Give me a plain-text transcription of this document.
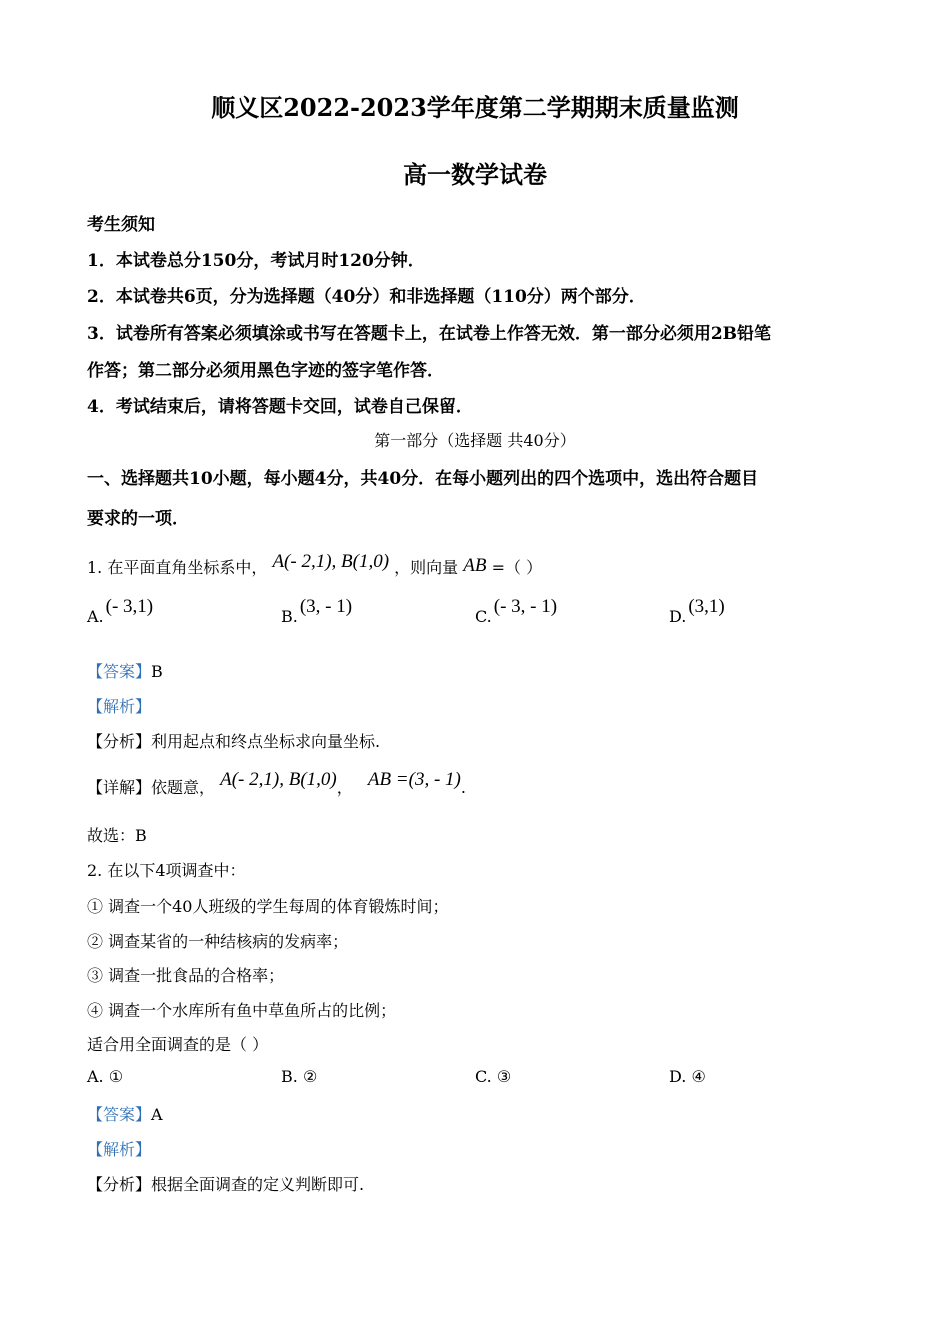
顺义区2022-2023学年度第二学期期末质量监测
高一数学试卷
考生须知
1．本试卷总分150分，考试月时120分钟．
2．本试卷共6页，分为选择题（40分）和非选择题（110分）两个部分．
3．试卷所有答案必须填涂或书写在答题卡上，在试卷上作答无效．第一部分必须用2B铅笔
作答；第二部分必须用黑色字迹的签字笔作答．
4．考试结束后，请将答题卡交回，试卷自己保留．
第一部分（选择题 共40分）
一、选择题共10小题，每小题4分，共40分．在每小题列出的四个选项中，选出符合题目
要求的一项．
1. 在平面直角坐标系中， A(- 2,1), B(1,0) ，则向量 AB =（ ）
A. (- 3,1)	B. (3, - 1)	C. (- 3, - 1)	D. (3,1)
【答案】B
【解析】
【分析】利用起点和终点坐标求向量坐标.
【详解】依题意， A(- 2,1), B(1,0)， AB =(3, - 1).
故选：B
2. 在以下4项调查中：
① 调查一个40人班级的学生每周的体育锻炼时间；
② 调查某省的一种结核病的发病率；
③ 调查一批食品的合格率；
④ 调查一个水库所有鱼中草鱼所占的比例；
适合用全面调查的是（ ）
A. ①	B. ②	C. ③	D. ④
【答案】A
【解析】
【分析】根据全面调查的定义判断即可.
